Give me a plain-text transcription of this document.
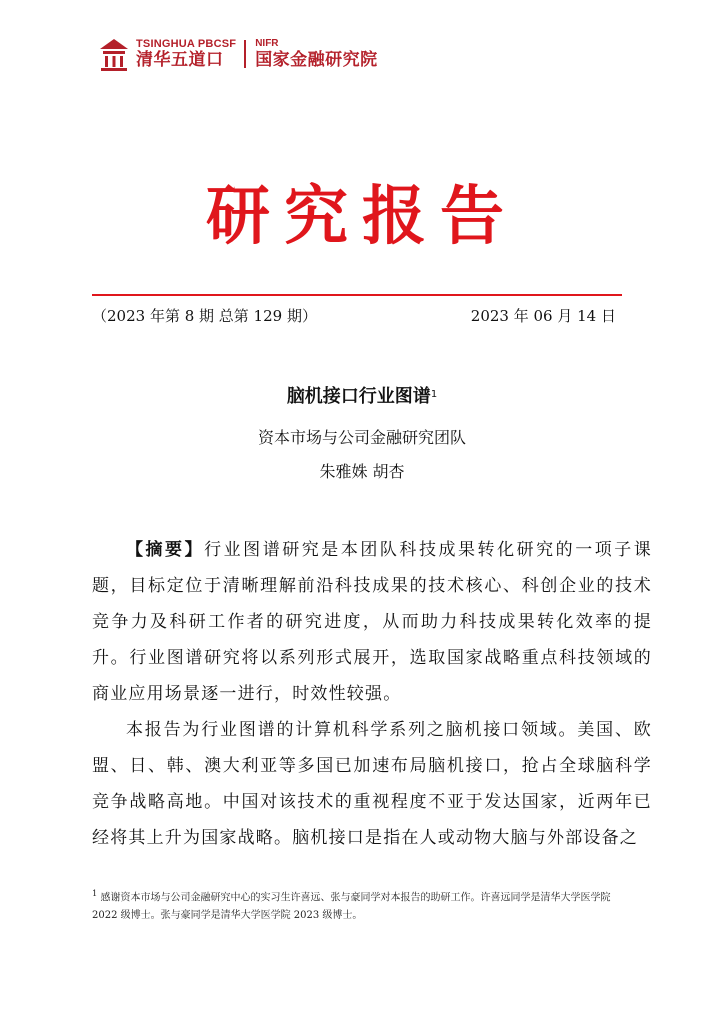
TSINGHUA PBCSF
清华五道口
NIFR
国家金融研究院
研究报告
（2023 年第 8 期 总第 129 期）	2023 年 06 月 14 日
脑机接口行业图谱$^1$
资本市场与公司金融研究团队
朱雅姝 胡杏

【摘要】行业图谱研究是本团队科技成果转化研究的一项子课题，目标定位于清晰理解前沿科技成果的技术核心、科创企业的技术竞争力及科研工作者的研究进度，从而助力科技成果转化效率的提升。行业图谱研究将以系列形式展开，选取国家战略重点科技领域的商业应用场景逐一进行，时效性较强。

本报告为行业图谱的计算机科学系列之脑机接口领域。美国、欧盟、日、韩、澳大利亚等多国已加速布局脑机接口，抢占全球脑科学竞争战略高地。中国对该技术的重视程度不亚于发达国家，近两年已经将其上升为国家战略。脑机接口是指在人或动物大脑与外部设备之

$^1$ 感谢资本市场与公司金融研究中心的实习生许喜远、张与豪同学对本报告的助研工作。许喜远同学是清华大学医学院 2022 级博士。张与豪同学是清华大学医学院 2023 级博士。
